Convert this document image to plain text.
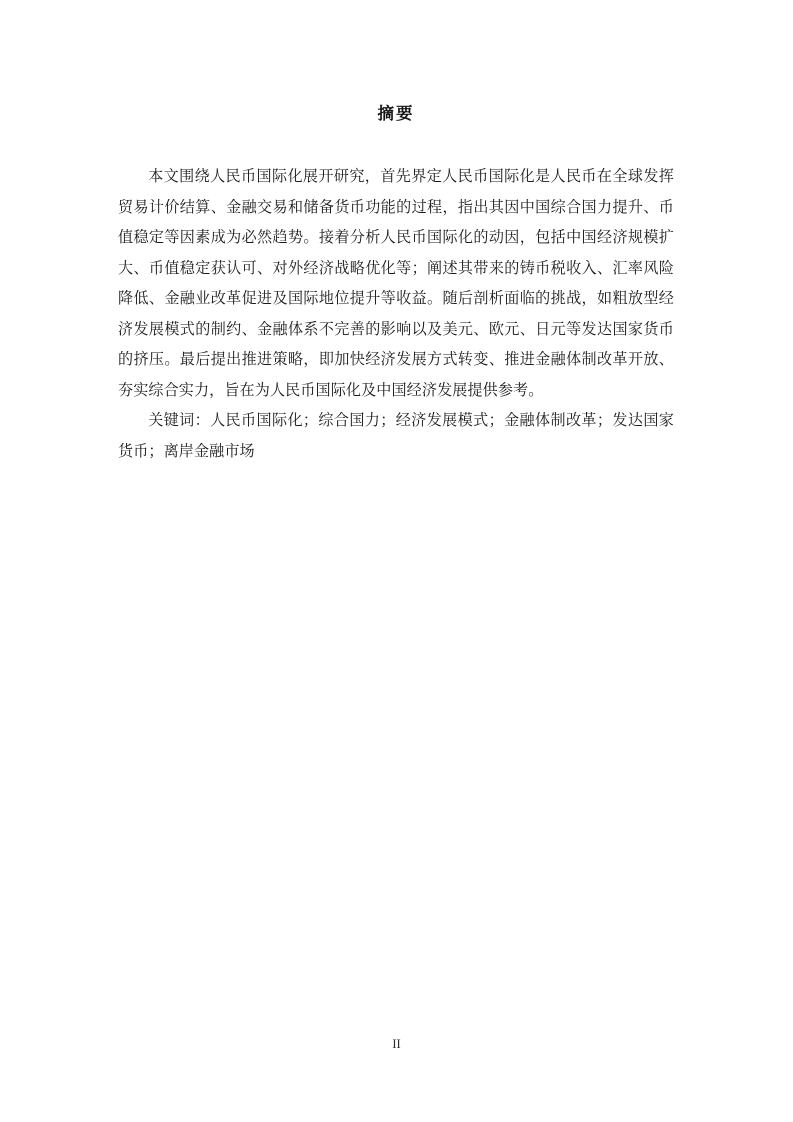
摘要

本文围绕人民币国际化展开研究，首先界定人民币国际化是人民币在全球发挥贸易计价结算、金融交易和储备货币功能的过程，指出其因中国综合国力提升、币值稳定等因素成为必然趋势。接着分析人民币国际化的动因，包括中国经济规模扩大、币值稳定获认可、对外经济战略优化等；阐述其带来的铸币税收入、汇率风险降低、金融业改革促进及国际地位提升等收益。随后剖析面临的挑战，如粗放型经济发展模式的制约、金融体系不完善的影响以及美元、欧元、日元等发达国家货币的挤压。最后提出推进策略，即加快经济发展方式转变、推进金融体制改革开放、夯实综合实力，旨在为人民币国际化及中国经济发展提供参考。

关键词：人民币国际化；综合国力；经济发展模式；金融体制改革；发达国家货币；离岸金融市场

II
